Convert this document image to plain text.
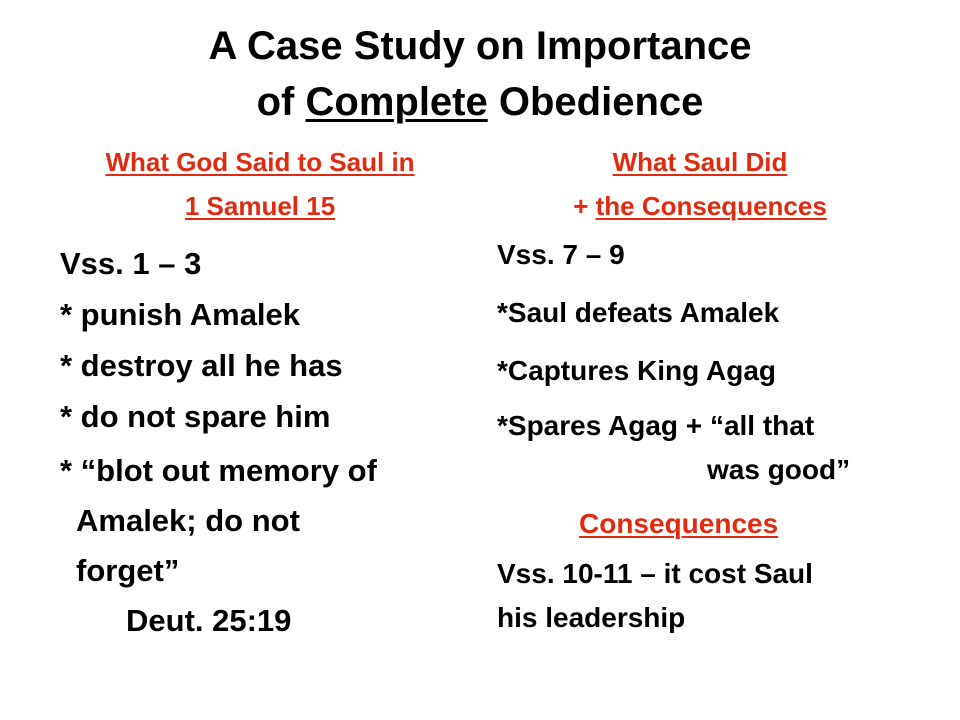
A Case Study on Importance
of Complete Obedience
What God Said to Saul in
1 Samuel 15
What Saul Did
+ the Consequences
Vss. 1 – 3
* punish Amalek
* destroy all he has
* do not spare him
* “blot out memory of
Amalek; do not
forget”
Deut. 25:19
Vss. 7 – 9
*Saul defeats Amalek
*Captures King Agag
*Spares Agag + “all that
was good”
Consequences
Vss. 10-11 – it cost Saul
his leadership
